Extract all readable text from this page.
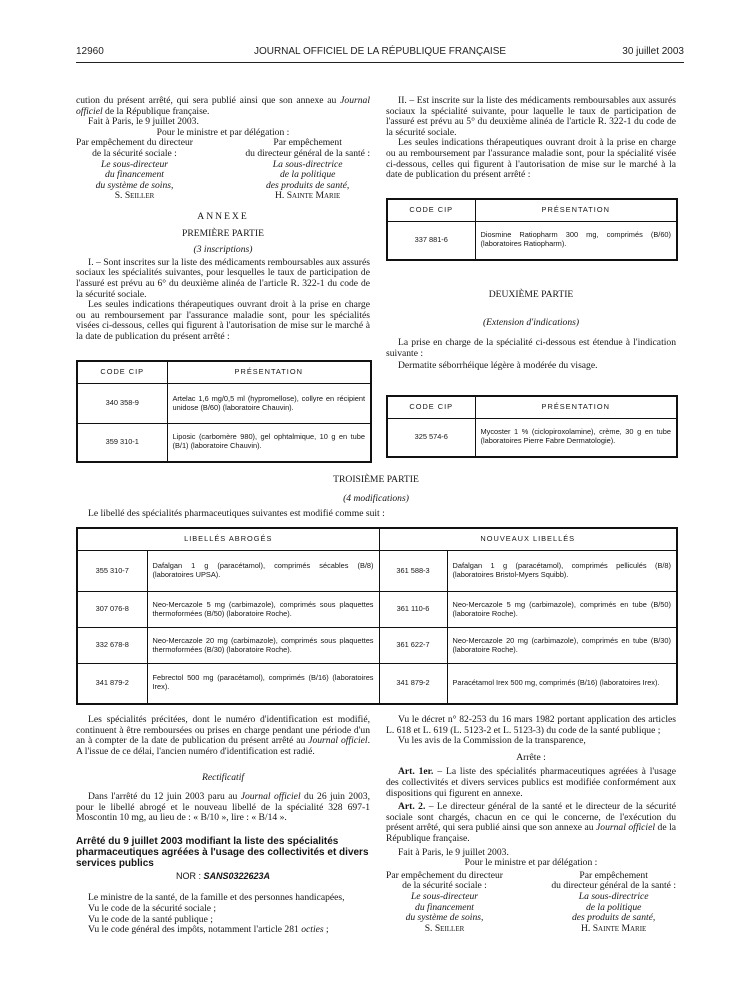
12960	JOURNAL OFFICIEL DE LA RÉPUBLIQUE FRANÇAISE	30 juillet 2003

cution du présent arrêté, qui sera publié ainsi que son annexe au Journal officiel de la République française.

Fait à Paris, le 9 juillet 2003.

Pour le ministre et par délégation :

Par empêchement du directeur
de la sécurité sociale :
Le sous-directeur
du financement
du système de soins,
S. Seiller
Par empêchement
du directeur général de la santé :
La sous-directrice
de la politique
des produits de santé,
H. Sainte Marie

ANNEXE

PREMIÈRE PARTIE

(3 inscriptions)

I. – Sont inscrites sur la liste des médicaments remboursables aux assurés sociaux les spécialités suivantes, pour lesquelles le taux de participation de l'assuré est prévu au 6° du deuxième alinéa de l'article R. 322-1 du code de la sécurité sociale.

Les seules indications thérapeutiques ouvrant droit à la prise en charge ou au remboursement par l'assurance maladie sont, pour les spécialités visées ci-dessous, celles qui figurent à l'autorisation de mise sur le marché à la date de publication du présent arrêté :

CODE CIP	PRÉSENTATION
340 358-9	Artelac 1,6 mg/0,5 ml (hypromellose), collyre en récipient unidose (B/60) (laboratoire Chauvin).
359 310-1	Liposic (carbomère 980), gel ophtalmique, 10 g en tube (B/1) (laboratoire Chauvin).

II. – Est inscrite sur la liste des médicaments remboursables aux assurés sociaux la spécialité suivante, pour laquelle le taux de participation de l'assuré est prévu au 5° du deuxième alinéa de l'article R. 322-1 du code de la sécurité sociale.

Les seules indications thérapeutiques ouvrant droit à la prise en charge ou au remboursement par l'assurance maladie sont, pour la spécialité visée ci-dessous, celles qui figurent à l'autorisation de mise sur le marché à la date de publication du présent arrêté :

CODE CIP	PRÉSENTATION
337 881-6	Diosmine Ratiopharm 300 mg, comprimés (B/60) (laboratoires Ratiopharm).

DEUXIÈME PARTIE

(Extension d'indications)

La prise en charge de la spécialité ci-dessous est étendue à l'indication suivante :

Dermatite séborrhéique légère à modérée du visage.

CODE CIP	PRÉSENTATION
325 574-6	Mycoster 1 % (ciclopiroxolamine), crème, 30 g en tube (laboratoires Pierre Fabre Dermatologie).

TROISIÈME PARTIE

(4 modifications)

Le libellé des spécialités pharmaceutiques suivantes est modifié comme suit :

LIBELLÉS ABROGÉS		NOUVEAUX LIBELLÉS	
355 310-7	Dafalgan 1 g (paracétamol), comprimés sécables (B/8) (laboratoires UPSA).	361 588-3	Dafalgan 1 g (paracétamol), comprimés pelliculés (B/8) (laboratoires Bristol-Myers Squibb).
307 076-8	Neo-Mercazole 5 mg (carbimazole), comprimés sous plaquettes thermoformées (B/50) (laboratoire Roche).	361 110-6	Neo-Mercazole 5 mg (carbimazole), comprimés en tube (B/50) (laboratoire Roche).
332 678-8	Neo-Mercazole 20 mg (carbimazole), comprimés sous plaquettes thermoformées (B/30) (laboratoire Roche).	361 622-7	Neo-Mercazole 20 mg (carbimazole), comprimés en tube (B/30) (laboratoire Roche).
341 879-2	Febrectol 500 mg (paracétamol), comprimés (B/16) (laboratoires Irex).	341 879-2	Paracétamol Irex 500 mg, comprimés (B/16) (laboratoires Irex).

Les spécialités précitées, dont le numéro d'identification est modifié, continuent à être remboursées ou prises en charge pendant une période d'un an à compter de la date de publication du présent arrêté au Journal officiel. A l'issue de ce délai, l'ancien numéro d'identification est radié.

Rectificatif

Dans l'arrêté du 12 juin 2003 paru au Journal officiel du 26 juin 2003, pour le libellé abrogé et le nouveau libellé de la spécialité 328 697-1 Moscontin 10 mg, au lieu de : « B/10 », lire : « B/14 ».

Arrêté du 9 juillet 2003 modifiant la liste des spécialités pharmaceutiques agréées à l'usage des collectivités et divers services publics

NOR : SANS0322623A

Le ministre de la santé, de la famille et des personnes handicapées,

Vu le code de la sécurité sociale ;

Vu le code de la santé publique ;

Vu le code général des impôts, notamment l'article 281 octies ;

Vu le décret n° 82-253 du 16 mars 1982 portant application des articles L. 618 et L. 619 (L. 5123-2 et L. 5123-3) du code de la santé publique ;

Vu les avis de la Commission de la transparence,

Arrête :

Art. 1er. – La liste des spécialités pharmaceutiques agréées à l'usage des collectivités et divers services publics est modifiée conformément aux dispositions qui figurent en annexe.

Art. 2. – Le directeur général de la santé et le directeur de la sécurité sociale sont chargés, chacun en ce qui le concerne, de l'exécution du présent arrêté, qui sera publié ainsi que son annexe au Journal officiel de la République française.

Fait à Paris, le 9 juillet 2003.

Pour le ministre et par délégation :

Par empêchement du directeur
de la sécurité sociale :
Le sous-directeur
du financement
du système de soins,
S. Seiller
Par empêchement
du directeur général de la santé :
La sous-directrice
de la politique
des produits de santé,
H. Sainte Marie
